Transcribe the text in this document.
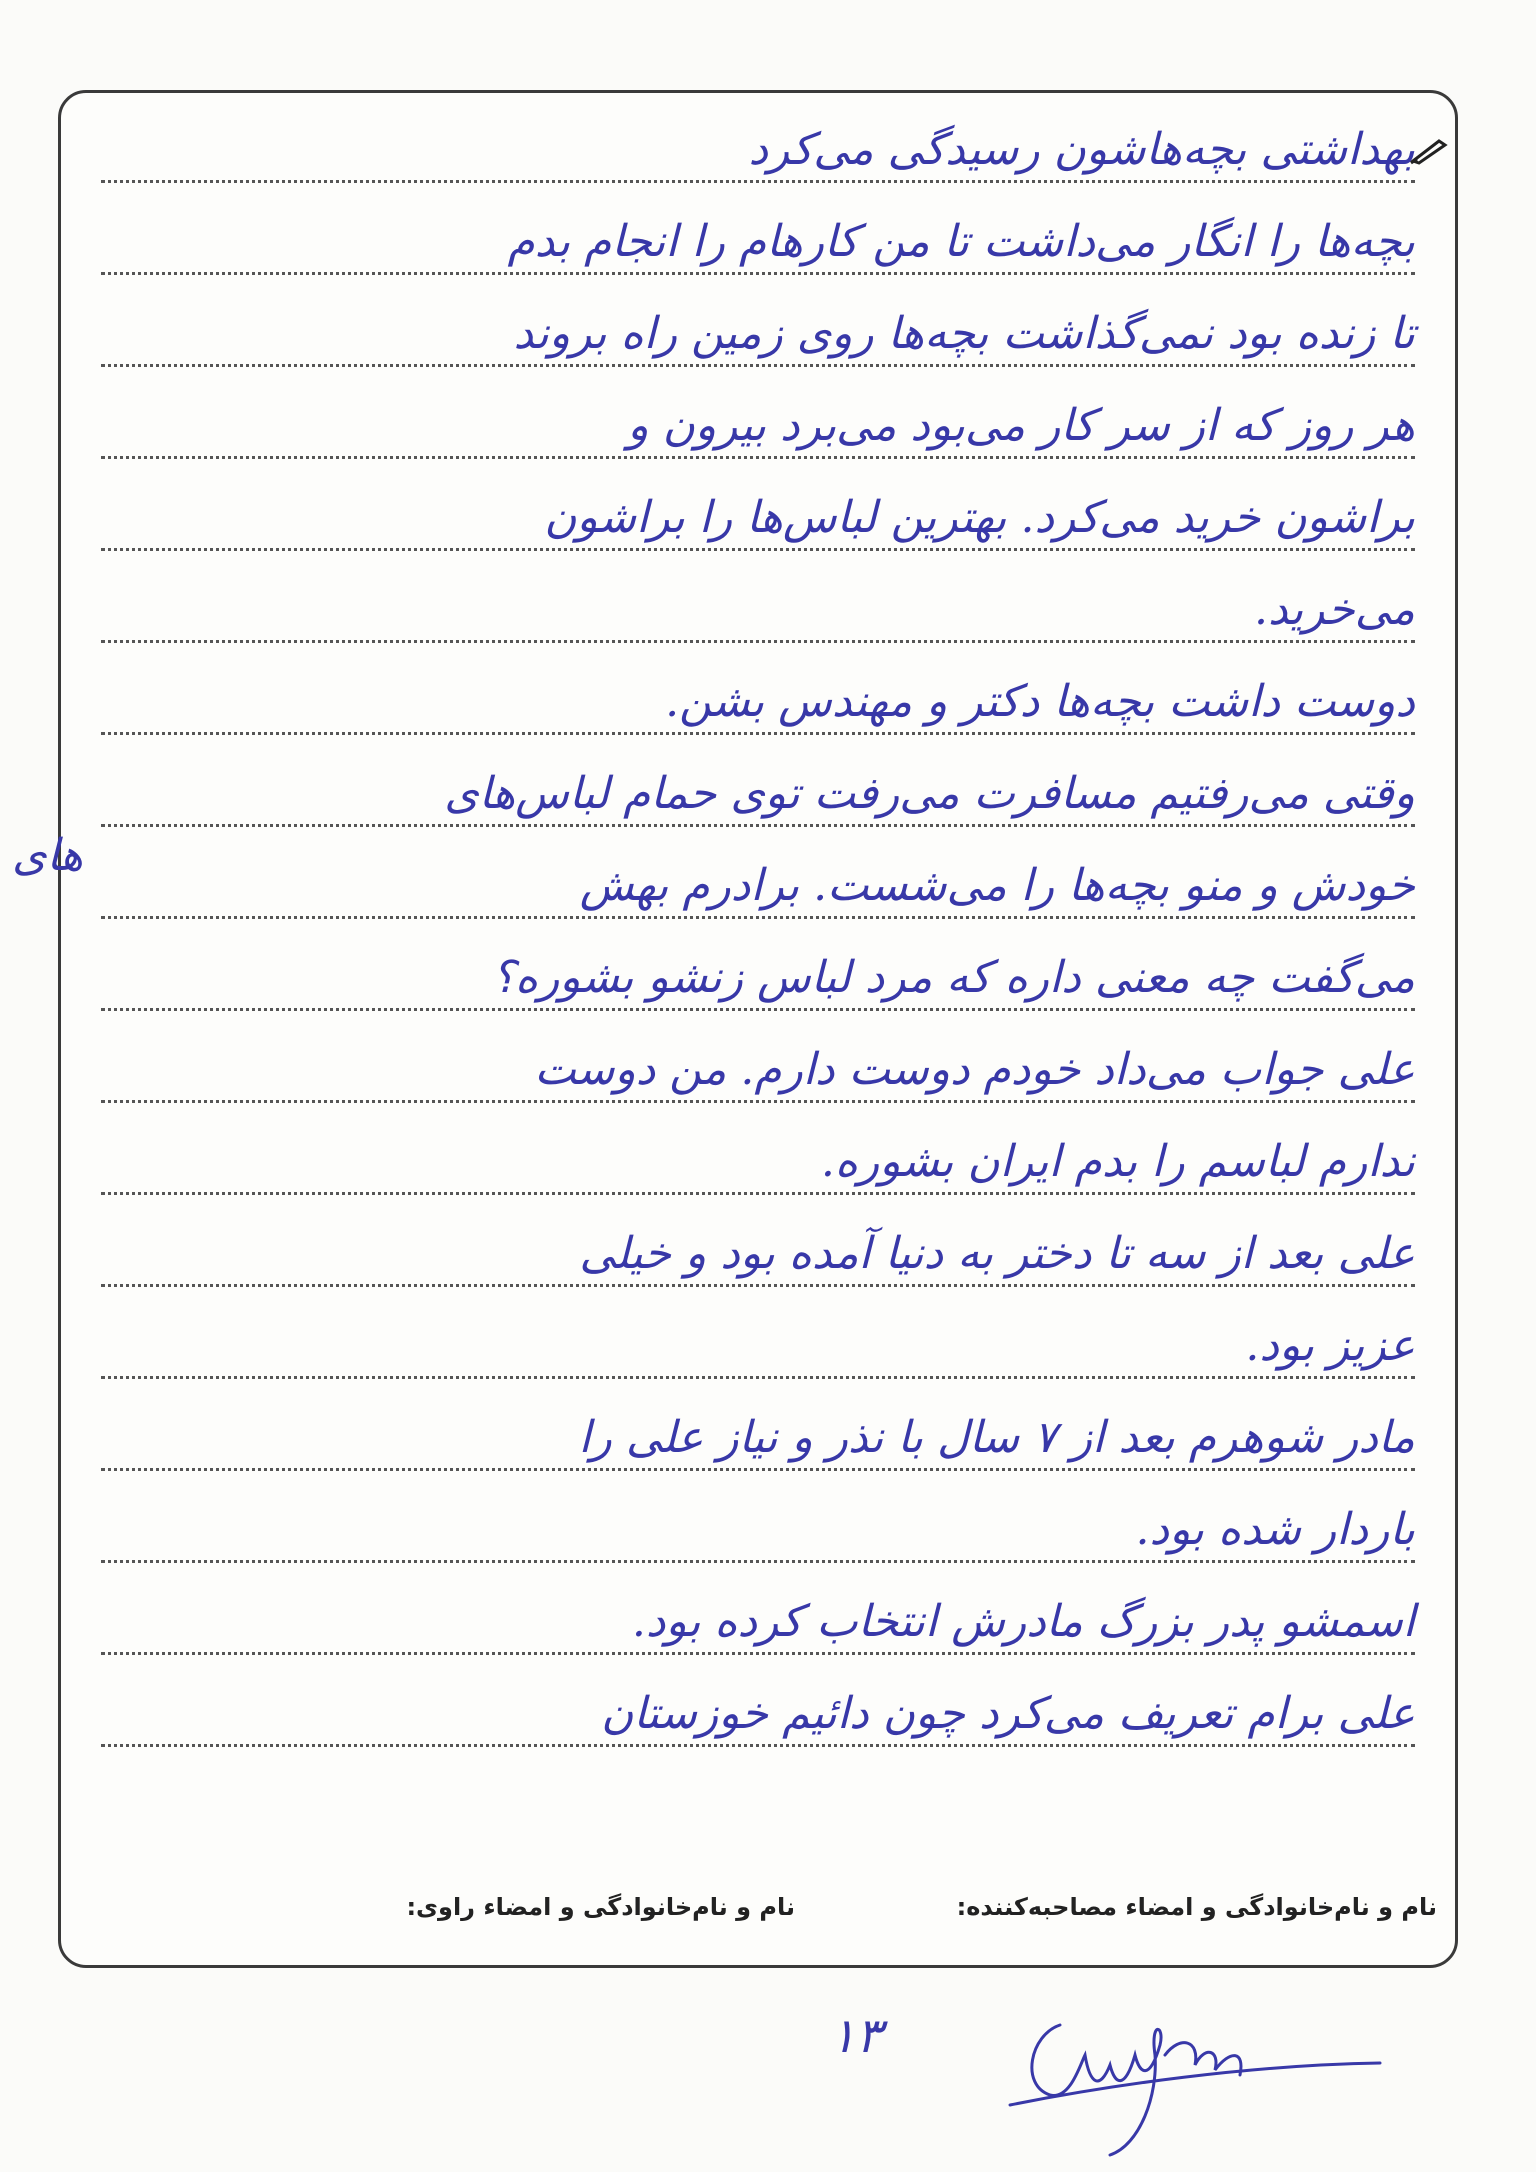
بهداشتی بچه‌هاشون رسیدگی می‌کرد
بچه‌ها را انگار می‌داشت تا من کارهام را انجام بدم
تا زنده بود نمی‌گذاشت بچه‌ها روی زمین راه بروند
هر روز که از سر کار می‌بود می‌برد بیرون و
براشون خرید می‌کرد. بهترین لباس‌ها را براشون
می‌خرید.
دوست داشت بچه‌ها دکتر و مهندس بشن.
وقتی می‌رفتیم مسافرت می‌رفت توی حمام لباس‌های
خودش و منو بچه‌ها را می‌شست. برادرم بهش
می‌گفت چه معنی داره که مرد لباس زنشو بشوره؟
علی جواب می‌داد خودم دوست دارم. من دوست
ندارم لباسم را بدم ایران بشوره.
علی بعد از سه تا دختر به دنیا آمده بود و خیلی
عزیز بود.
مادر شوهرم بعد از ۷ سال با نذر و نیاز علی را
باردار شده بود.
اسمشو پدر بزرگ مادرش انتخاب کرده بود.
علی برام تعریف می‌کرد چون دائیم خوزستان
نام و نام‌خانوادگی و امضاء مصاحبه‌کننده:
نام و نام‌خانوادگی و امضاء راوی:
های
۱۳
